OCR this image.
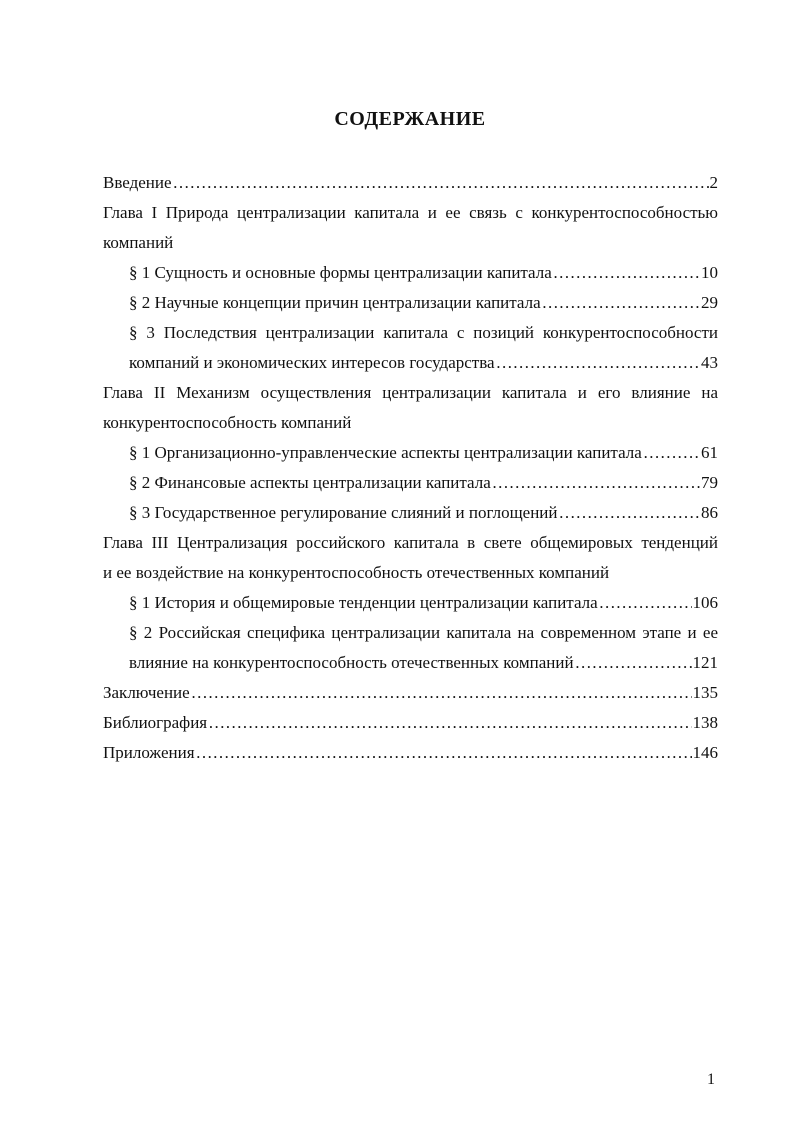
СОДЕРЖАНИЕ
Введение …………………………………………………………………………………………………………………………………………	2
Глава I Природа централизации капитала и ее связь с конкурентоспособностью
компаний
§ 1 Сущность и основные формы централизации капитала …………………………………………………………………………………………………………………………………………	10
§ 2 Научные концепции причин централизации капитала …………………………………………………………………………………………………………………………………………	29
§ 3 Последствия централизации капитала с позиций конкурентоспособности
компаний и экономических интересов государства …………………………………………………………………………………………………………………………………………	43
Глава II Механизм осуществления централизации капитала и его влияние на
конкурентоспособность компаний
§ 1 Организационно-управленческие аспекты централизации капитала …………………………………………………………………………………………………………………………………………	61
§ 2 Финансовые аспекты централизации капитала …………………………………………………………………………………………………………………………………………	79
§ 3 Государственное регулирование слияний и поглощений …………………………………………………………………………………………………………………………………………	86
Глава III Централизация российского капитала в свете общемировых тенденций
и ее воздействие на конкурентоспособность отечественных компаний
§ 1 История и общемировые тенденции централизации капитала …………………………………………………………………………………………………………………………………………	106
§ 2 Российская специфика централизации капитала на современном этапе и ее
влияние на конкурентоспособность отечественных компаний …………………………………………………………………………………………………………………………………………	121
Заключение …………………………………………………………………………………………………………………………………………	135
Библиография …………………………………………………………………………………………………………………………………………	138
Приложения …………………………………………………………………………………………………………………………………………	146
1
